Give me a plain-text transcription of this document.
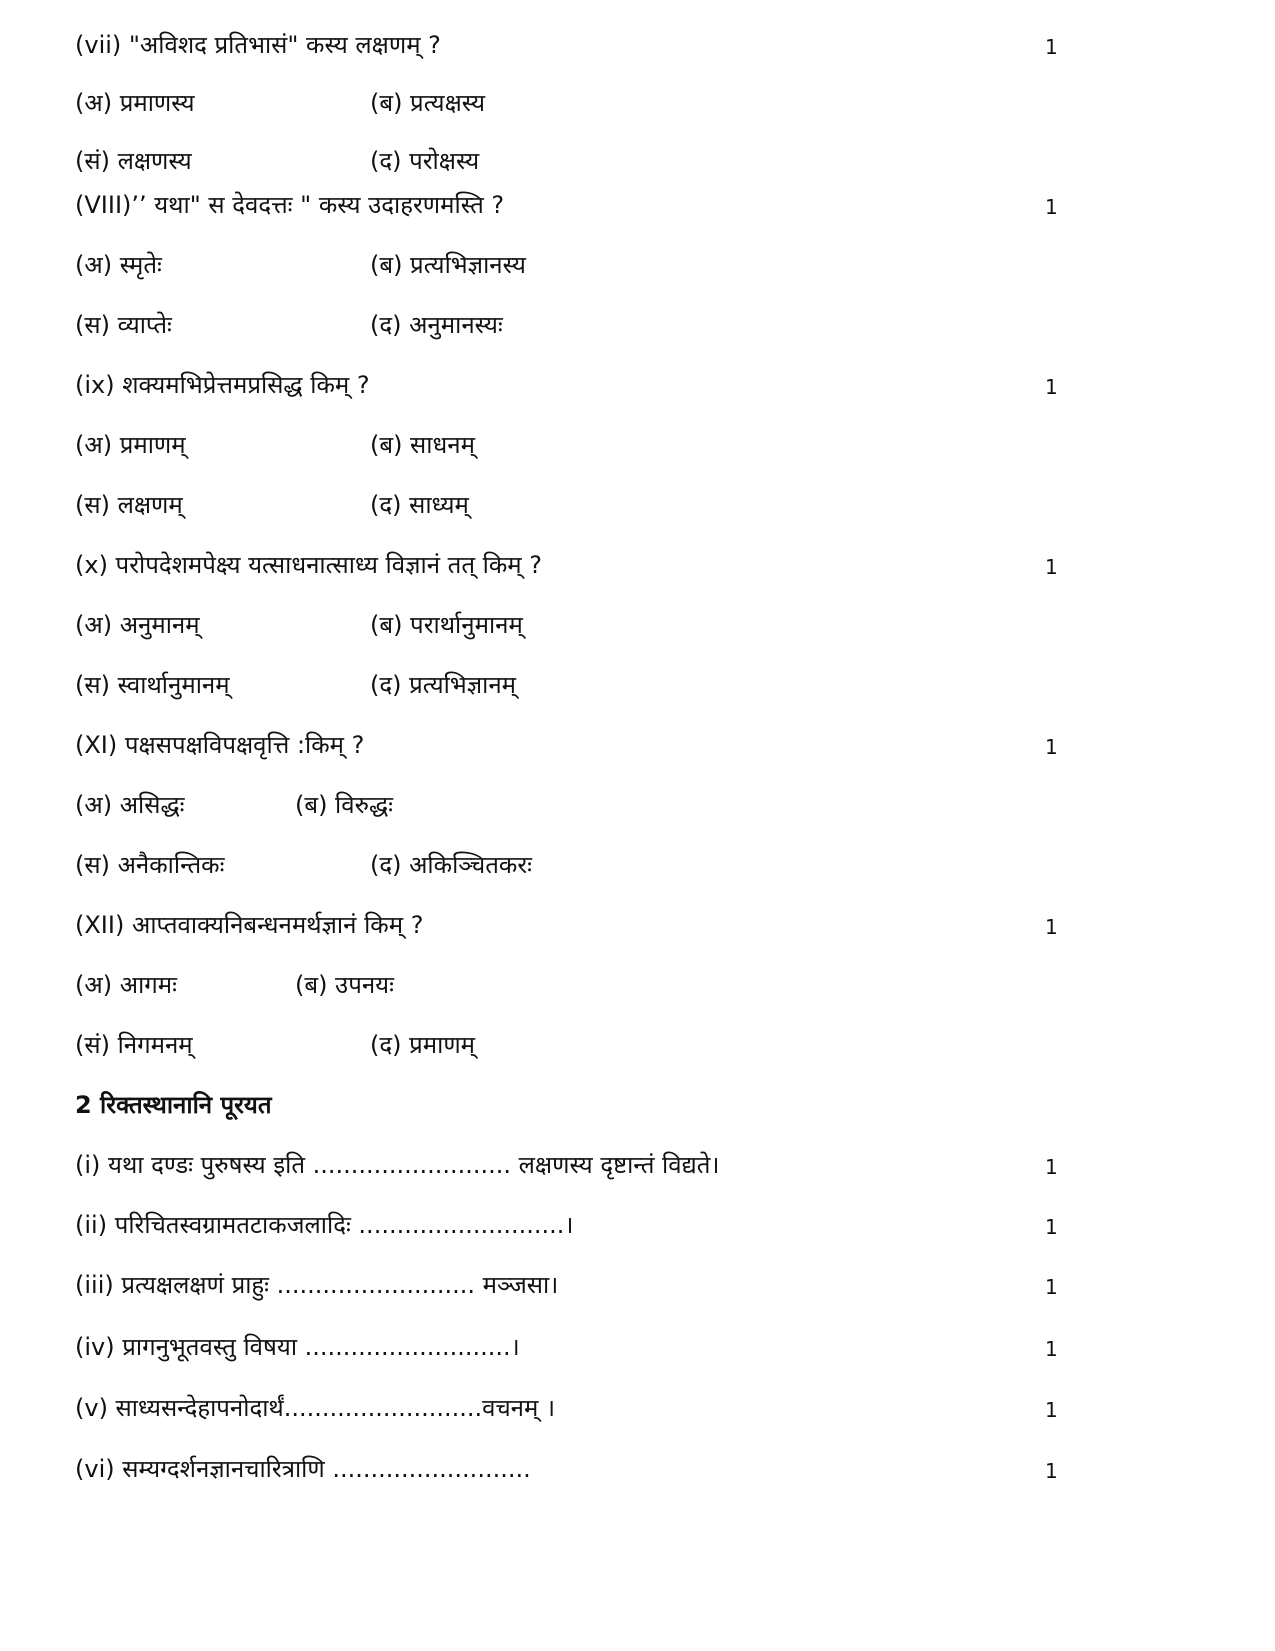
(vii) "अविशद प्रतिभासं" कस्य लक्षणम् ?	1
(अ) प्रमाणस्य	(ब) प्रत्यक्षस्य
(सं) लक्षणस्य	(द) परोक्षस्य
(VIII)’’ यथा" स देवदत्तः " कस्य उदाहरणमस्ति ?	1
(अ) स्मृतेः	(ब) प्रत्यभिज्ञानस्य
(स) व्याप्तेः	(द) अनुमानस्यः
(ix) शक्यमभिप्रेत्तमप्रसिद्ध किम् ?	1
(अ) प्रमाणम्	(ब) साधनम्
(स) लक्षणम्	(द) साध्यम्
(x) परोपदेशमपेक्ष्य यत्साधनात्साध्य विज्ञानं तत् किम् ?	1
(अ) अनुमानम्	(ब) परार्थानुमानम्
(स) स्वार्थानुमानम्	(द) प्रत्यभिज्ञानम्
(XI) पक्षसपक्षविपक्षवृत्ति :किम् ?	1
(अ) असिद्धः	(ब) विरुद्धः
(स) अनैकान्तिकः	(द) अकिञ्चितकरः
(XII) आप्तवाक्यनिबन्धनमर्थज्ञानं किम् ?	1
(अ) आगमः	(ब) उपनयः
(सं) निगमनम्	(द) प्रमाणम्
2 रिक्तस्थानानि पूरयत
(i) यथा दण्डः पुरुषस्य इति .......................... लक्षणस्य दृष्टान्तं विद्यते।	1
(ii) परिचितस्वग्रामतटाकजलादिः ...........................।	1
(iii) प्रत्यक्षलक्षणं प्राहुः .......................... मञ्जसा।	1
(iv) प्रागनुभूतवस्तु विषया ...........................।	1
(v) साध्यसन्देहापनोदार्थं..........................वचनम् ।	1
(vi) सम्यग्दर्शनज्ञानचारित्राणि ..........................	1
